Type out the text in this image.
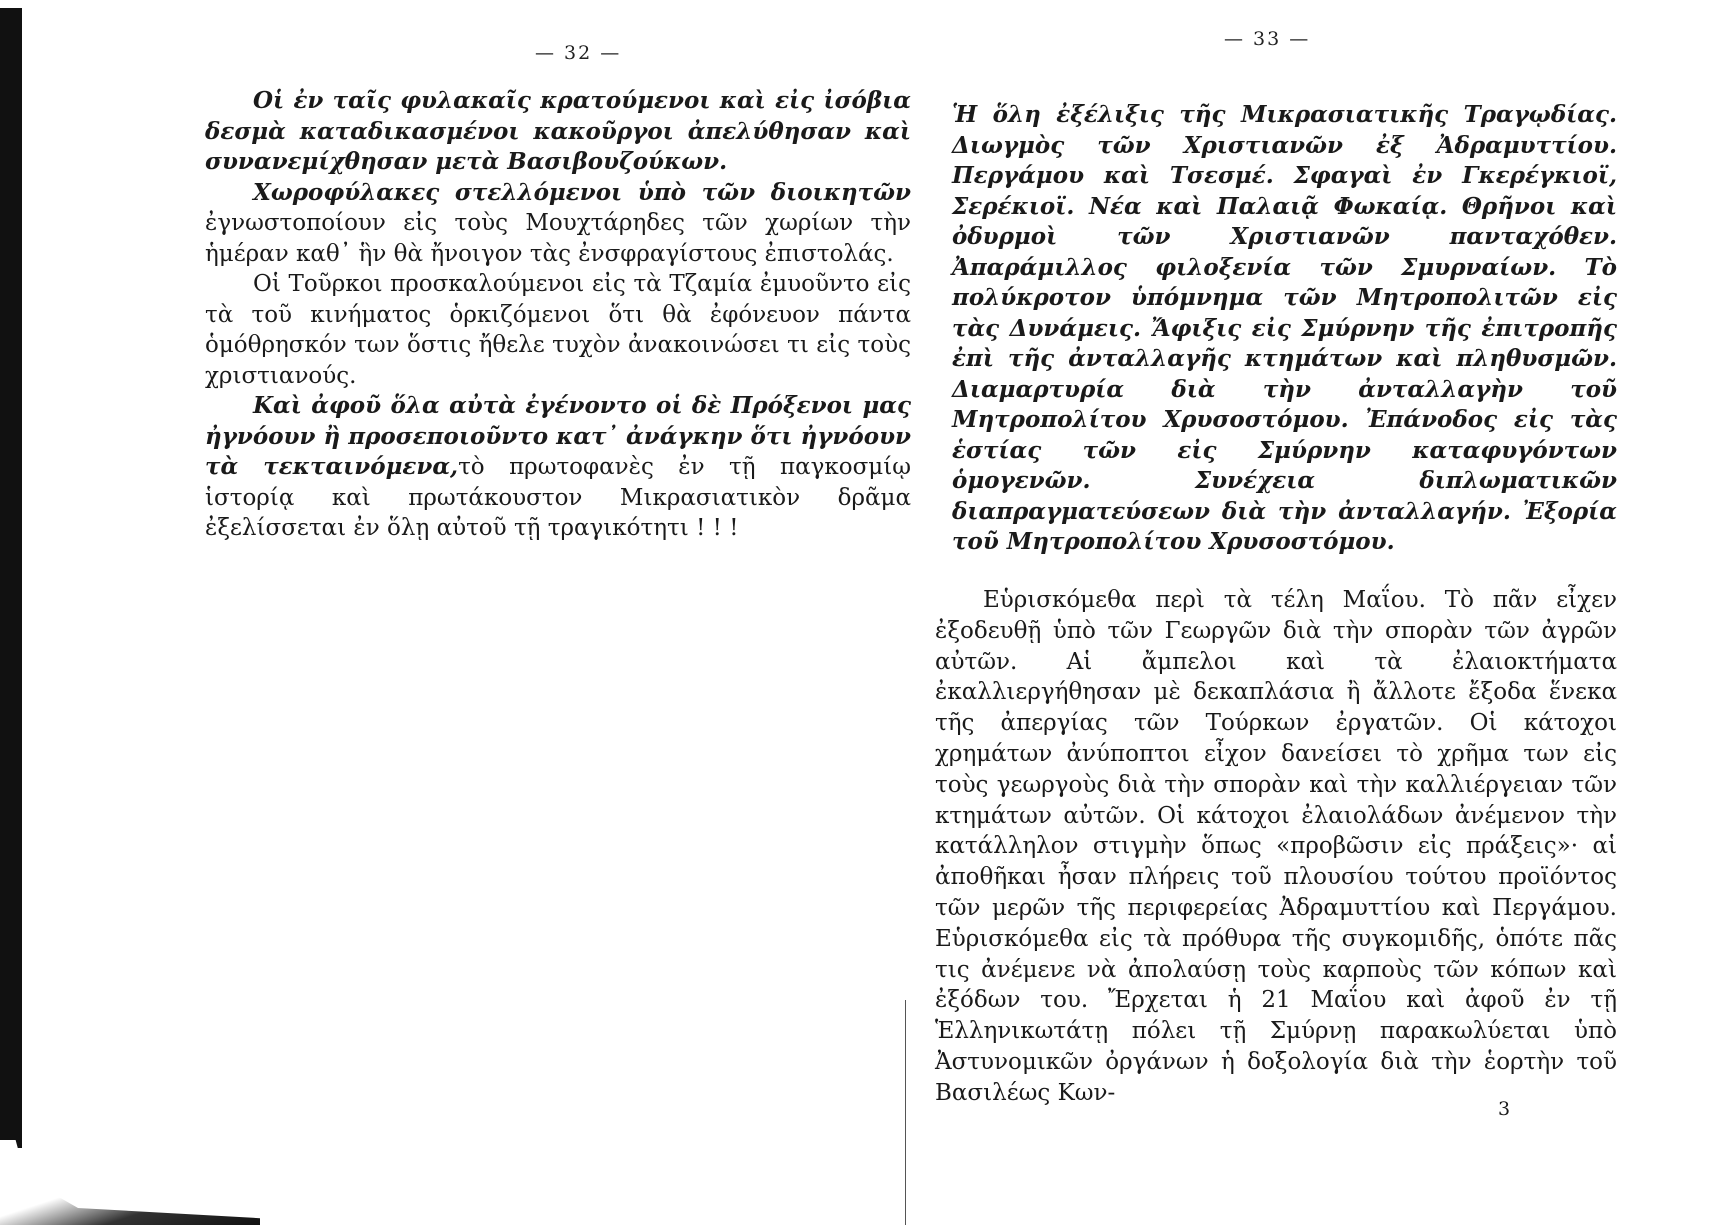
— 32 —
— 33 —

Οἱ ἐν ταῖς φυλακαῖς κρατούμενοι καὶ εἰς ἰσόβια δεσμὰ καταδικασμένοι κακοῦργοι ἀπελύθησαν καὶ συνανεμίχθησαν μετὰ Βασιβουζούκων.

Χωροφύλακες στελλόμενοι ὑπὸ τῶν διοικητῶν ἐγνωστοποίουν εἰς τοὺς Μουχτάρηδες τῶν χωρίων τὴν ἡμέραν καθ᾿ ἣν θὰ ἤνοιγον τὰς ἐνσφραγίστους ἐπιστολάς.

Οἱ Τοῦρκοι προσκαλούμενοι εἰς τὰ Τζαμία ἐμυοῦντο εἰς τὰ τοῦ κινήματος ὁρκιζόμενοι ὅτι θὰ ἐφόνευον πάντα ὁμόθρησκόν των ὅστις ἤθελε τυχὸν ἀνακοινώσει τι εἰς τοὺς χριστιανούς.

Καὶ ἀφοῦ ὅλα αὐτὰ ἐγένοντο οἱ δὲ Πρόξενοι μας ἠγνόουν ἢ προσεποιοῦντο κατ᾿ ἀνάγκην ὅτι ἠγνόουν τὰ τεκταινόμενα,τὸ πρωτοφανὲς ἐν τῇ παγκοσμίῳ ἱστορίᾳ καὶ πρωτάκουστον Μικρασιατικὸν δρᾶμα ἐξελίσσεται ἐν ὅλῃ αὐτοῦ τῇ τραγικότητι ! ! !

Ἡ ὅλη ἐξέλιξις τῆς Μικρασιατικῆς Τραγῳδίας. Διωγμὸς τῶν Χριστιανῶν ἐξ Ἀδραμυττίου. Περγάμου καὶ Τσεσμέ. Σφαγαὶ ἐν Γκερέγκιοϊ, Σερέκιοϊ. Νέα καὶ Παλαιᾷ Φωκαίᾳ. Θρῆνοι καὶ ὀδυρμοὶ τῶν Χριστιανῶν πανταχόθεν. Ἀπαράμιλλος φιλοξενία τῶν Σμυρναίων. Τὸ πολύκροτον ὑπόμνημα τῶν Μητροπολιτῶν εἰς τὰς Δυνάμεις. Ἄφιξις εἰς Σμύρνην τῆς ἐπιτροπῆς ἐπὶ τῆς ἀνταλλαγῆς κτημάτων καὶ πληθυσμῶν. Διαμαρτυρία διὰ τὴν ἀνταλλαγὴν τοῦ Μητροπολίτου Χρυσοστόμου. Ἐπάνοδος εἰς τὰς ἑστίας τῶν εἰς Σμύρνην καταφυγόντων ὁμογενῶν. Συνέχεια διπλωματικῶν διαπραγματεύσεων διὰ τὴν ἀνταλλαγήν. Ἐξορία τοῦ Μητροπολίτου Χρυσοστόμου.

Εὑρισκόμεθα περὶ τὰ τέλη Μαΐου. Τὸ πᾶν εἶχεν ἐξοδευθῇ ὑπὸ τῶν Γεωργῶν διὰ τὴν σπορὰν τῶν ἀγρῶν αὐτῶν. Αἱ ἄμπελοι καὶ τὰ ἐλαιοκτήματα ἐκαλλιεργήθησαν μὲ δεκαπλάσια ἢ ἄλλοτε ἔξοδα ἕνεκα τῆς ἀπεργίας τῶν Τούρκων ἐργατῶν. Οἱ κάτοχοι χρημάτων ἀνύποπτοι εἶχον δανείσει τὸ χρῆμα των εἰς τοὺς γεωργοὺς διὰ τὴν σπορὰν καὶ τὴν καλλιέργειαν τῶν κτημάτων αὐτῶν. Οἱ κάτοχοι ἐλαιολάδων ἀνέμενον τὴν κατάλληλον στιγμὴν ὅπως «προβῶσιν εἰς πράξεις»· αἱ ἀποθῆκαι ἦσαν πλήρεις τοῦ πλουσίου τούτου προϊόντος τῶν μερῶν τῆς περιφερείας Ἀδραμυττίου καὶ Περγάμου. Εὑρισκόμεθα εἰς τὰ πρόθυρα τῆς συγκομιδῆς, ὁπότε πᾶς τις ἀνέμενε νὰ ἀπολαύσῃ τοὺς καρποὺς τῶν κόπων καὶ ἐξόδων του. Ἔρχεται ἡ 21 Μαΐου καὶ ἀφοῦ ἐν τῇ Ἑλληνικωτάτῃ πόλει τῇ Σμύρνῃ παρακωλύεται ὑπὸ Ἀστυνομικῶν ὀργάνων ἡ δοξολογία διὰ τὴν ἑορτὴν τοῦ Βασιλέως Κων-

3
